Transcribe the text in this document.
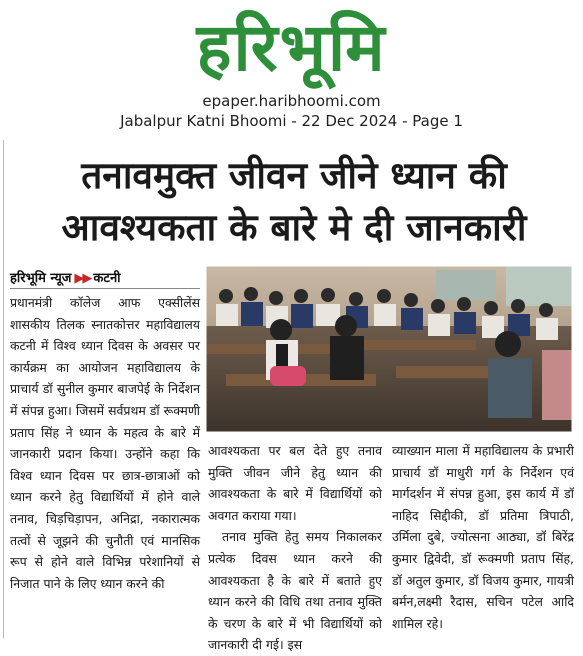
हरिभूमि
epaper.haribhoomi.com
Jabalpur Katni Bhoomi - 22 Dec 2024 - Page 1
तनावमुक्त जीवन जीने ध्यान की
आवश्यकता के बारे मे दी जानकारी
हरिभूमि न्यूज ▶▶ कटनी

प्रधानमंत्री कॉलेज आफ एक्सीलेंस शासकीय तिलक स्नातकोत्तर महाविद्यालय कटनी में विश्व ध्यान दिवस के अवसर पर कार्यक्रम का आयोजन महाविद्यालय के प्राचार्य डॉ सुनील कुमार बाजपेई के निर्देशन में संपन्न हुआ। जिसमें सर्वप्रथम डॉ रूक्मणी प्रताप सिंह ने ध्यान के महत्व के बारे में जानकारी प्रदान किया। उन्होंने कहा कि विश्व ध्यान दिवस पर छात्र-छात्राओं को ध्यान करने हेतु विद्यार्थियों में होने वाले तनाव, चिड़चिड़ापन, अनिद्रा, नकारात्मक तत्वों से जूझने की चुनौती एवं मानसिक रूप से होने वाले विभिन्न परेशानियों से निजात पाने के लिए ध्यान करने की

आवश्यकता पर बल देते हुए तनाव मुक्ति जीवन जीने हेतु ध्यान की आवश्यकता के बारे में विद्यार्थियों को अवगत कराया गया।

तनाव मुक्ति हेतु समय निकालकर प्रत्येक दिवस ध्यान करने की आवश्यकता है के बारे में बताते हुए ध्यान करने की विधि तथा तनाव मुक्ति के चरण के बारे में भी विद्यार्थियों को जानकारी दी गई। इस

व्याख्यान माला में महाविद्यालय के प्रभारी प्राचार्य डॉ माधुरी गर्ग के निर्देशन एवं मार्गदर्शन में संपन्न हुआ, इस कार्य में डॉ नाहिद सिद्दीकी, डॉ प्रतिमा त्रिपाठी, उर्मिला दुबे, ज्योत्सना आठ्या, डॉ बिरेंद्र कुमार द्विवेदी, डॉ रूक्मणी प्रताप सिंह, डॉ अतुल कुमार, डॉ विजय कुमार, गायत्री बर्मन,लक्ष्मी रैदास, सचिन पटेल आदि शामिल रहे।
